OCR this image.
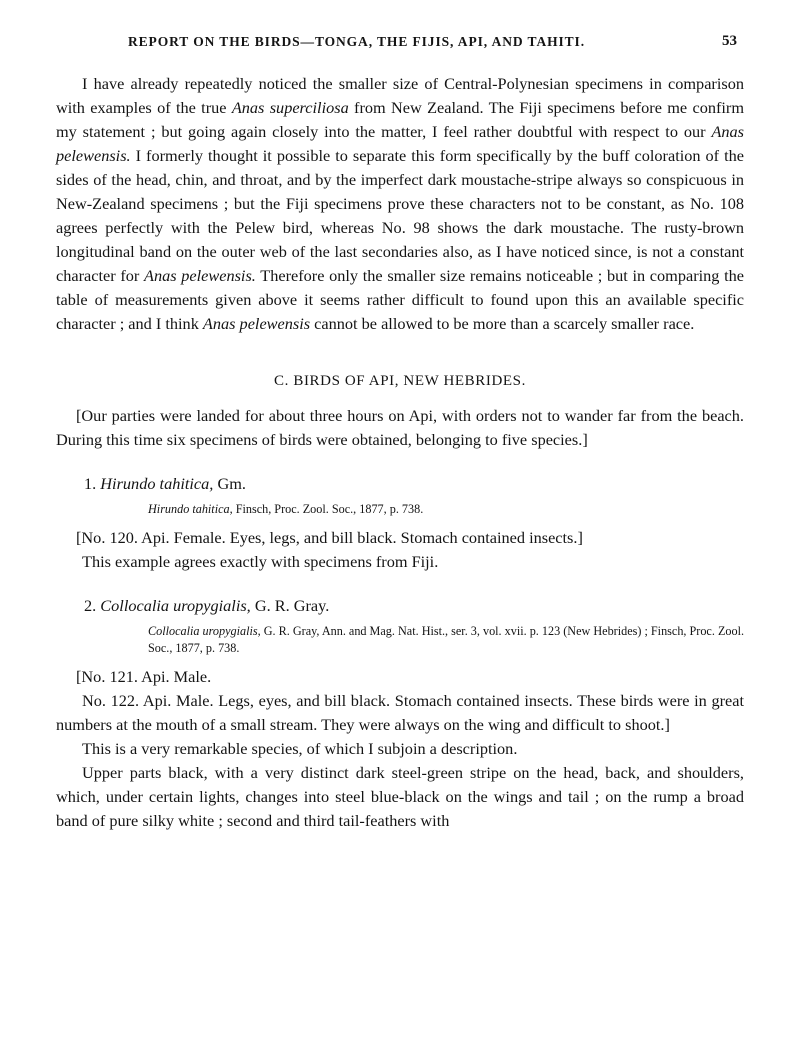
REPORT ON THE BIRDS—TONGA, THE FIJIS, API, AND TAHITI.	53

I have already repeatedly noticed the smaller size of Central-Polynesian specimens in comparison with examples of the true Anas superciliosa from New Zealand. The Fiji specimens before me confirm my statement ; but going again closely into the matter, I feel rather doubtful with respect to our Anas pelewensis. I formerly thought it possible to separate this form specifically by the buff coloration of the sides of the head, chin, and throat, and by the imperfect dark moustache-stripe always so conspicuous in New-Zealand specimens ; but the Fiji specimens prove these characters not to be constant, as No. 108 agrees perfectly with the Pelew bird, whereas No. 98 shows the dark moustache. The rusty-brown longitudinal band on the outer web of the last secondaries also, as I have noticed since, is not a constant character for Anas pelewensis. Therefore only the smaller size remains noticeable ; but in comparing the table of measurements given above it seems rather difficult to found upon this an available specific character ; and I think Anas pelewensis cannot be allowed to be more than a scarcely smaller race.

C. BIRDS OF API, NEW HEBRIDES.

[Our parties were landed for about three hours on Api, with orders not to wander far from the beach. During this time six specimens of birds were obtained, belonging to five species.]

1. Hirundo tahitica, Gm.
Hirundo tahitica, Finsch, Proc. Zool. Soc., 1877, p. 738.

[No. 120. Api. Female. Eyes, legs, and bill black. Stomach contained insects.]

This example agrees exactly with specimens from Fiji.

2. Collocalia uropygialis, G. R. Gray.
Collocalia uropygialis, G. R. Gray, Ann. and Mag. Nat. Hist., ser. 3, vol. xvii. p. 123 (New Hebrides) ; Finsch, Proc. Zool. Soc., 1877, p. 738.

[No. 121. Api. Male.

No. 122. Api. Male. Legs, eyes, and bill black. Stomach contained insects. These birds were in great numbers at the mouth of a small stream. They were always on the wing and difficult to shoot.]

This is a very remarkable species, of which I subjoin a description.

Upper parts black, with a very distinct dark steel-green stripe on the head, back, and shoulders, which, under certain lights, changes into steel blue-black on the wings and tail ; on the rump a broad band of pure silky white ; second and third tail-feathers with
